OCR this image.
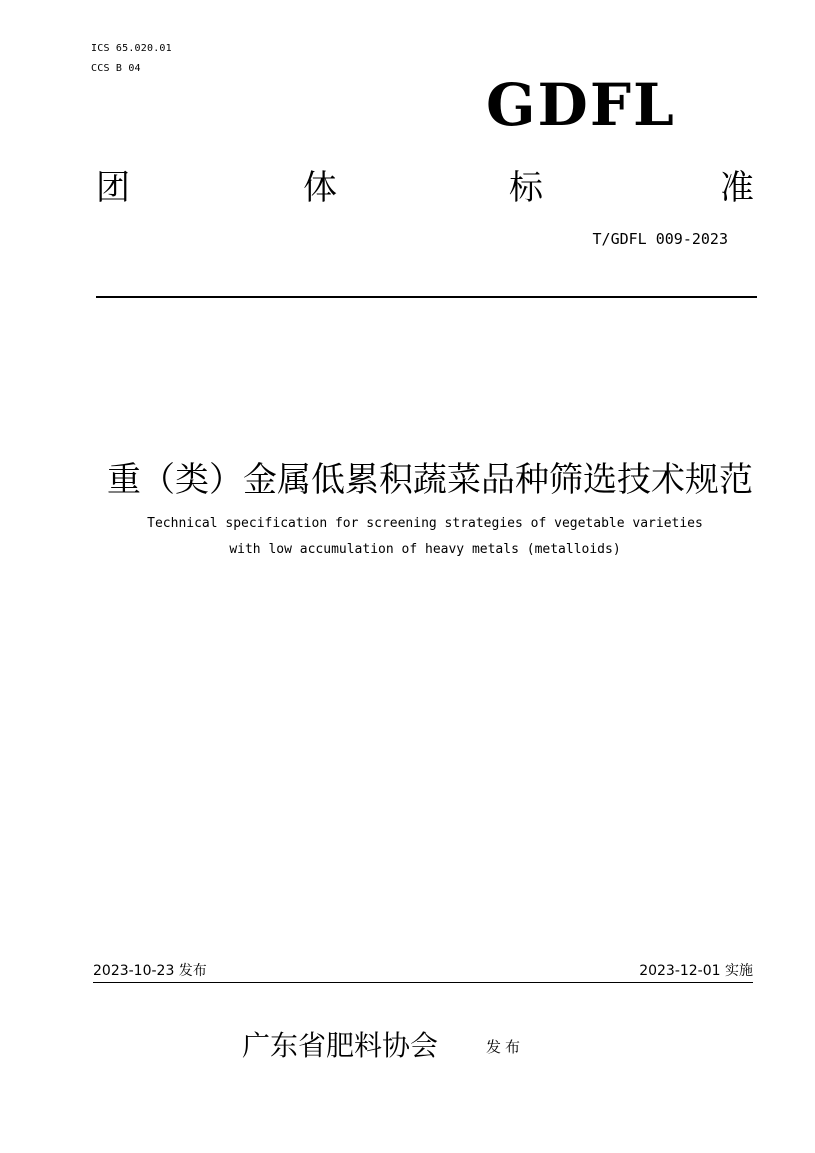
ICS 65.020.01
CCS B 04
GDFL
团	体	标	准
T/GDFL 009-2023
重（类）金属低累积蔬菜品种筛选技术规范
Technical specification for screening strategies of vegetable varieties
with low accumulation of heavy metals (metalloids)
2023-10-23 发布	2023-12-01 实施
广东省肥料协会	发布
